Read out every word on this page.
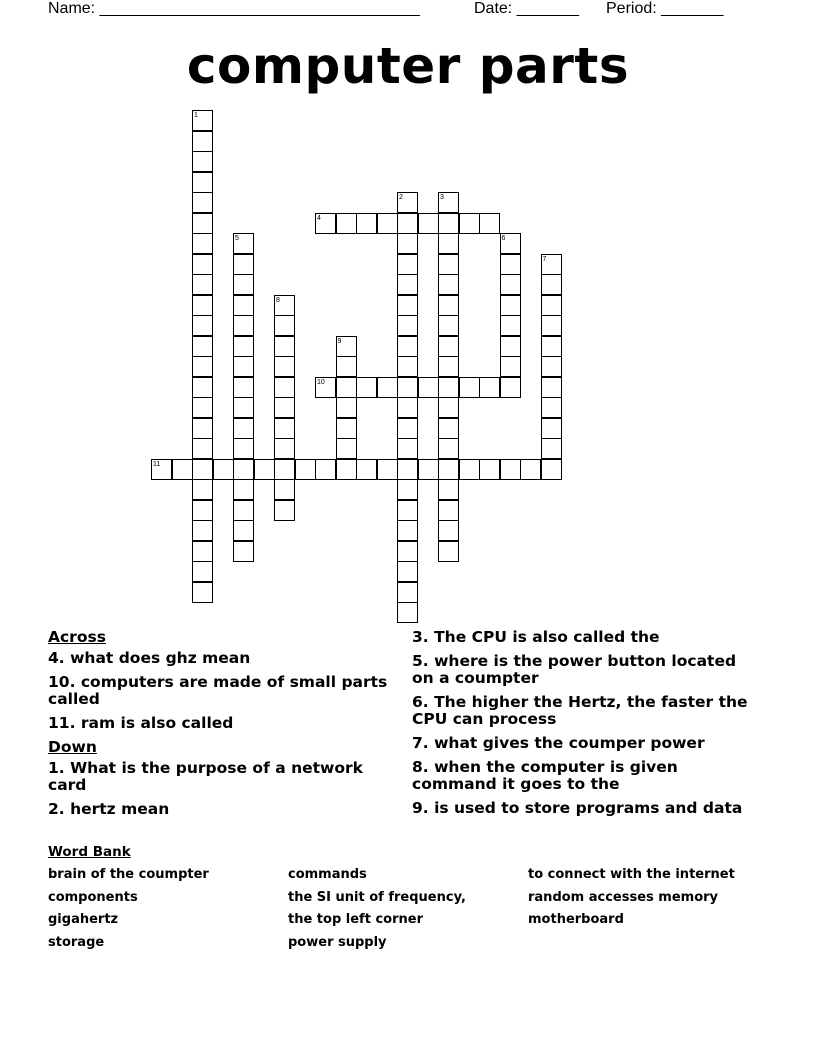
Name: ____________________________________	Date: _______ Period: _______
computer parts
1
2	3
4
5	6
7
8
9
10
11
Across
4. what does ghz mean
10. computers are made of small parts called
11. ram is also called
Down
1. What is the purpose of a network card
2. hertz mean
3. The CPU is also called the
5. where is the power button located on a coumpter
6. The higher the Hertz, the faster the CPU can process
7. what gives the coumper power
8. when the computer is given command it goes to the
9. is used to store programs and data
Word Bank
brain of the coumpter
components
gigahertz
storage
commands
the SI unit of frequency,
the top left corner
power supply
to connect with the internet
random accesses memory
motherboard
